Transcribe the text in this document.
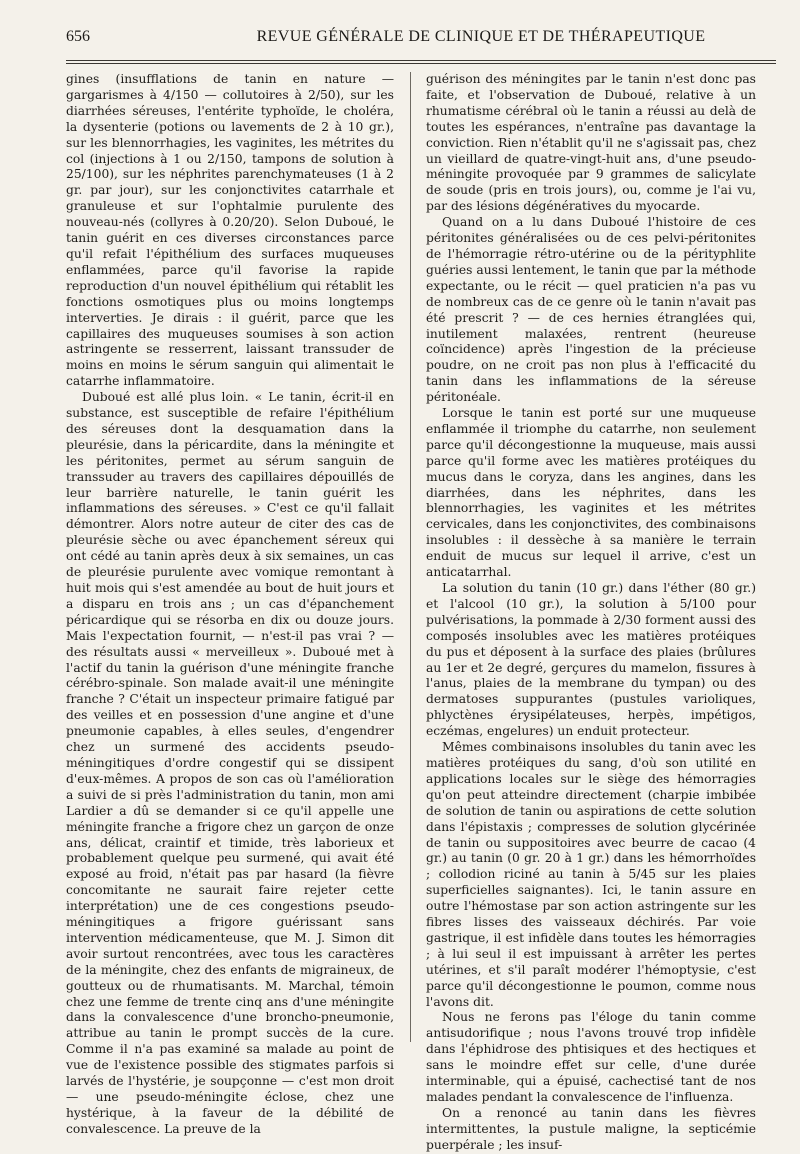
656	REVUE GÉNÉRALE DE CLINIQUE ET DE THÉRAPEUTIQUE

gines (insufflations de tanin en nature — gargarismes à 4/150 — collutoires à 2/50), sur les diarrhées séreuses, l'entérite typhoïde, le choléra, la dysenterie (potions ou lavements de 2 à 10 gr.), sur les blennorrhagies, les vaginites, les métrites du col (injections à 1 ou 2/150, tampons de solution à 25/100), sur les néphrites parenchymateuses (1 à 2 gr. par jour), sur les conjonctivites catarrhale et granuleuse et sur l'ophtalmie purulente des nouveau-nés (collyres à 0.20/20). Selon Duboué, le tanin guérit en ces diverses circonstances parce qu'il refait l'épithélium des surfaces muqueuses enflammées, parce qu'il favorise la rapide reproduction d'un nouvel épithélium qui rétablit les fonctions osmotiques plus ou moins longtemps interverties. Je dirais : il guérit, parce que les capillaires des muqueuses soumises à son action astringente se resserrent, laissant transsuder de moins en moins le sérum sanguin qui alimentait le catarrhe inflammatoire.

Duboué est allé plus loin. « Le tanin, écrit-il en substance, est susceptible de refaire l'épithélium des séreuses dont la desquamation dans la pleurésie, dans la péricardite, dans la méningite et les péritonites, permet au sérum sanguin de transsuder au travers des capillaires dépouillés de leur barrière naturelle, le tanin guérit les inflammations des séreuses. » C'est ce qu'il fallait démontrer. Alors notre auteur de citer des cas de pleurésie sèche ou avec épanchement séreux qui ont cédé au tanin après deux à six semaines, un cas de pleurésie purulente avec vomique remontant à huit mois qui s'est amendée au bout de huit jours et a disparu en trois ans ; un cas d'épanchement péricardique qui se résorba en dix ou douze jours. Mais l'expectation fournit, — n'est-il pas vrai ? — des résultats aussi « merveilleux ». Duboué met à l'actif du tanin la guérison d'une méningite franche cérébro-spinale. Son malade avait-il une méningite franche ? C'était un inspecteur primaire fatigué par des veilles et en possession d'une angine et d'une pneumonie capables, à elles seules, d'engendrer chez un surmené des accidents pseudo-méningitiques d'ordre congestif qui se dissipent d'eux-mêmes. A propos de son cas où l'amélioration a suivi de si près l'administration du tanin, mon ami Lardier a dû se demander si ce qu'il appelle une méningite franche a frigore chez un garçon de onze ans, délicat, craintif et timide, très laborieux et probablement quelque peu surmené, qui avait été exposé au froid, n'était pas par hasard (la fièvre concomitante ne saurait faire rejeter cette interprétation) une de ces congestions pseudo-méningitiques a frigore guérissant sans intervention médicamenteuse, que M. J. Simon dit avoir surtout rencontrées, avec tous les caractères de la méningite, chez des enfants de migraineux, de goutteux ou de rhumatisants. M. Marchal, témoin chez une femme de trente cinq ans d'une méningite dans la convalescence d'une broncho-pneumonie, attribue au tanin le prompt succès de la cure. Comme il n'a pas examiné sa malade au point de vue de l'existence possible des stigmates parfois si larvés de l'hystérie, je soupçonne — c'est mon droit — une pseudo-méningite éclose, chez une hystérique, à la faveur de la débilité de convalescence. La preuve de la

guérison des méningites par le tanin n'est donc pas faite, et l'observation de Duboué, relative à un rhumatisme cérébral où le tanin a réussi au delà de toutes les espérances, n'entraîne pas davantage la conviction. Rien n'établit qu'il ne s'agissait pas, chez un vieillard de quatre-vingt-huit ans, d'une pseudo-méningite provoquée par 9 grammes de salicylate de soude (pris en trois jours), ou, comme je l'ai vu, par des lésions dégénératives du myocarde.

Quand on a lu dans Duboué l'histoire de ces péritonites généralisées ou de ces pelvi-péritonites de l'hémorragie rétro-utérine ou de la pérityphlite guéries aussi lentement, le tanin que par la méthode expectante, ou le récit — quel praticien n'a pas vu de nombreux cas de ce genre où le tanin n'avait pas été prescrit ? — de ces hernies étranglées qui, inutilement malaxées, rentrent (heureuse coïncidence) après l'ingestion de la précieuse poudre, on ne croit pas non plus à l'efficacité du tanin dans les inflammations de la séreuse péritonéale.

Lorsque le tanin est porté sur une muqueuse enflammée il triomphe du catarrhe, non seulement parce qu'il décongestionne la muqueuse, mais aussi parce qu'il forme avec les matières protéiques du mucus dans le coryza, dans les angines, dans les diarrhées, dans les néphrites, dans les blennorrhagies, les vaginites et les métrites cervicales, dans les conjonctivites, des combinaisons insolubles : il dessèche à sa manière le terrain enduit de mucus sur lequel il arrive, c'est un anticatarrhal.

La solution du tanin (10 gr.) dans l'éther (80 gr.) et l'alcool (10 gr.), la solution à 5/100 pour pulvérisations, la pommade à 2/30 forment aussi des composés insolubles avec les matières protéiques du pus et déposent à la surface des plaies (brûlures au 1er et 2e degré, gerçures du mamelon, fissures à l'anus, plaies de la membrane du tympan) ou des dermatoses suppurantes (pustules varioliques, phlyctènes érysipélateuses, herpès, impétigos, eczémas, engelures) un enduit protecteur.

Mêmes combinaisons insolubles du tanin avec les matières protéiques du sang, d'où son utilité en applications locales sur le siège des hémorragies qu'on peut atteindre directement (charpie imbibée de solution de tanin ou aspirations de cette solution dans l'épistaxis ; compresses de solution glycérinée de tanin ou suppositoires avec beurre de cacao (4 gr.) au tanin (0 gr. 20 à 1 gr.) dans les hémorrhoïdes ; collodion riciné au tanin à 5/45 sur les plaies superficielles saignantes). Ici, le tanin assure en outre l'hémostase par son action astringente sur les fibres lisses des vaisseaux déchirés. Par voie gastrique, il est infidèle dans toutes les hémorragies ; à lui seul il est impuissant à arrêter les pertes utérines, et s'il paraît modérer l'hémoptysie, c'est parce qu'il décongestionne le poumon, comme nous l'avons dit.

Nous ne ferons pas l'éloge du tanin comme antisudorifique ; nous l'avons trouvé trop infidèle dans l'éphidrose des phtisiques et des hectiques et sans le moindre effet sur celle, d'une durée interminable, qui a épuisé, cachectisé tant de nos malades pendant la convalescence de l'influenza.

On a renoncé au tanin dans les fièvres intermittentes, la pustule maligne, la septicémie puerpérale ; les insuf-
